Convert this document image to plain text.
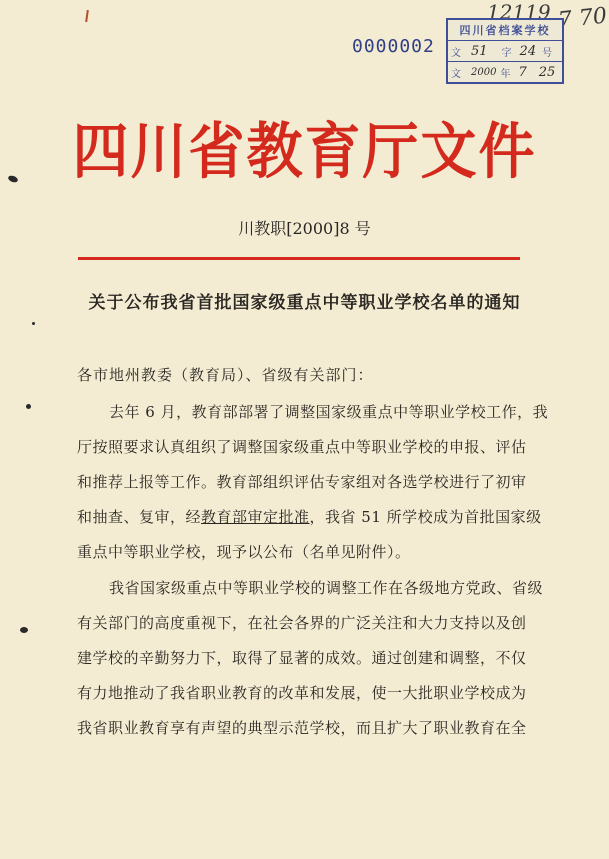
12119 7 70
0000002
四川省档案学校
文 51 字 24 号
文	2000 年 7 25
四川省教育厅文件
川教职[2000]8 号
关于公布我省首批国家级重点中等职业学校名单的通知
各市地州教委（教育局）、省级有关部门：
去年 6 月，教育部部署了调整国家级重点中等职业学校工作，我
厅按照要求认真组织了调整国家级重点中等职业学校的申报、评估
和推荐上报等工作。教育部组织评估专家组对各选学校进行了初审
和抽查、复审，经教育部审定批准，我省 51 所学校成为首批国家级
重点中等职业学校，现予以公布（名单见附件）。
我省国家级重点中等职业学校的调整工作在各级地方党政、省级
有关部门的高度重视下，在社会各界的广泛关注和大力支持以及创
建学校的辛勤努力下，取得了显著的成效。通过创建和调整，不仅
有力地推动了我省职业教育的改革和发展，使一大批职业学校成为
我省职业教育享有声望的典型示范学校，而且扩大了职业教育在全
